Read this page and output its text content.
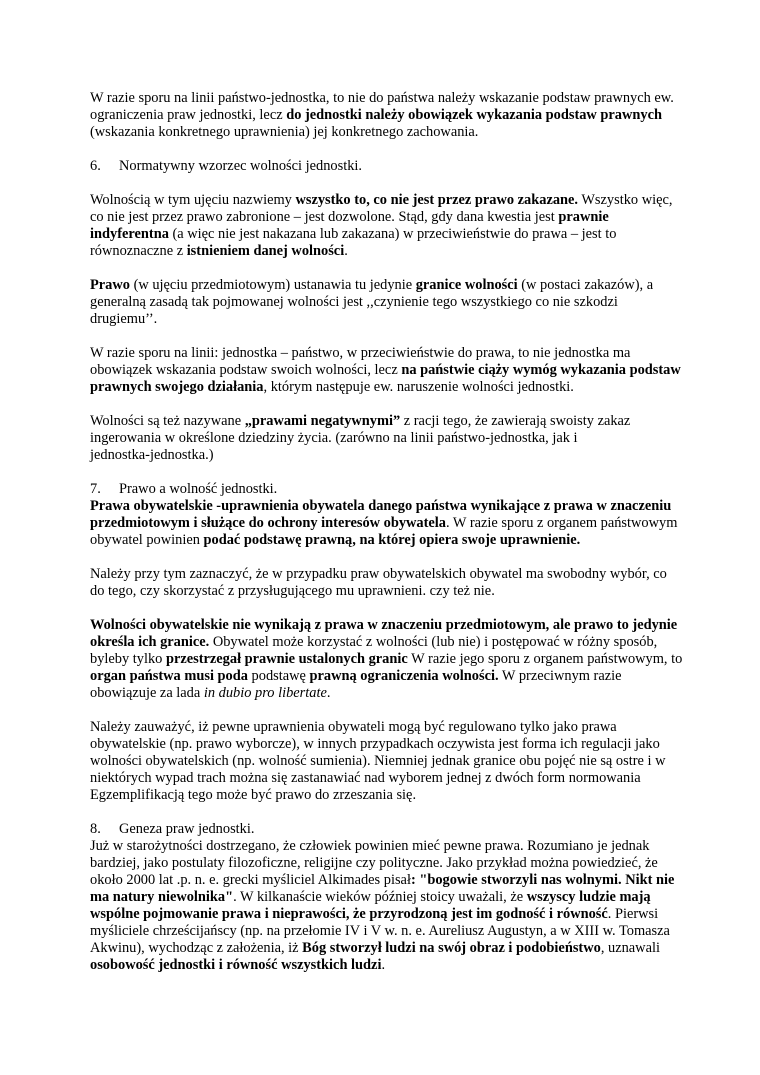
W razie sporu na linii państwo-jednostka, to nie do państwa należy wskazanie podstaw prawnych ew.
ograniczenia praw jednostki, lecz do jednostki należy obowiązek wykazania podstaw prawnych
(wskazania konkretnego uprawnienia) jej konkretnego zachowania.

6. Normatywny wzorzec wolności jednostki.

Wolnością w tym ujęciu nazwiemy wszystko to, co nie jest przez prawo zakazane. Wszystko więc,
co nie jest przez prawo zabronione – jest dozwolone. Stąd, gdy dana kwestia jest prawnie
indyferentna (a więc nie jest nakazana lub zakazana) w przeciwieństwie do prawa – jest to
równoznaczne z istnieniem danej wolności.

Prawo (w ujęciu przedmiotowym) ustanawia tu jedynie granice wolności (w postaci zakazów), a
generalną zasadą tak pojmowanej wolności jest ,,czynienie tego wszystkiego co nie szkodzi
drugiemu’’.

W razie sporu na linii: jednostka – państwo, w przeciwieństwie do prawa, to nie jednostka ma
obowiązek wskazania podstaw swoich wolności, lecz na państwie ciąży wymóg wykazania podstaw
prawnych swojego działania, którym następuje ew. naruszenie wolności jednostki.

Wolności są też nazywane „prawami negatywnymi” z racji tego, że zawierają swoisty zakaz
ingerowania w określone dziedziny życia. (zarówno na linii państwo-jednostka, jak i
jednostka-jednostka.)

7. Prawo a wolność jednostki.

Prawa obywatelskie -uprawnienia obywatela danego państwa wynikające z prawa w znaczeniu
przedmiotowym i służące do ochrony interesów obywatela. W razie sporu z organem państwowym
obywatel powinien podać podstawę prawną, na której opiera swoje uprawnienie.

Należy przy tym zaznaczyć, że w przypadku praw obywatelskich obywatel ma swobodny wybór, co
do tego, czy skorzystać z przysługującego mu uprawnieni. czy też nie.

Wolności obywatelskie nie wynikają z prawa w znaczeniu przedmiotowym, ale prawo to jedynie
określa ich granice. Obywatel może korzystać z wolności (lub nie) i postępować w różny sposób,
byleby tylko przestrzegał prawnie ustalonych granic W razie jego sporu z organem państwowym, to
organ państwa musi poda podstawę prawną ograniczenia wolności. W przeciwnym razie
obowiązuje za lada in dubio pro libertate.

Należy zauważyć, iż pewne uprawnienia obywateli mogą być regulowano tylko jako prawa
obywatelskie (np. prawo wyborcze), w innych przypadkach oczywista jest forma ich regulacji jako
wolności obywatelskich (np. wolność sumienia). Niemniej jednak granice obu pojęć nie są ostre i w
niektórych wypad trach można się zastanawiać nad wyborem jednej z dwóch form normowania
Egzemplifikacją tego może być prawo do zrzeszania się.

8. Geneza praw jednostki.

Już w starożytności dostrzegano, że człowiek powinien mieć pewne prawa. Rozumiano je jednak
bardziej, jako postulaty filozoficzne, religijne czy polityczne. Jako przykład można powiedzieć, że
około 2000 lat .p. n. e. grecki myśliciel Alkimades pisał: "bogowie stworzyli nas wolnymi. Nikt nie
ma natury niewolnika". W kilkanaście wieków później stoicy uważali, że wszyscy ludzie mają
wspólne pojmowanie prawa i nieprawości, że przyrodzoną jest im godność i równość. Pierwsi
myśliciele chrześcijańscy (np. na przełomie IV i V w. n. e. Aureliusz Augustyn, a w XIII w. Tomasza
Akwinu), wychodząc z założenia, iż Bóg stworzył ludzi na swój obraz i podobieństwo, uznawali
osobowość jednostki i równość wszystkich ludzi.
